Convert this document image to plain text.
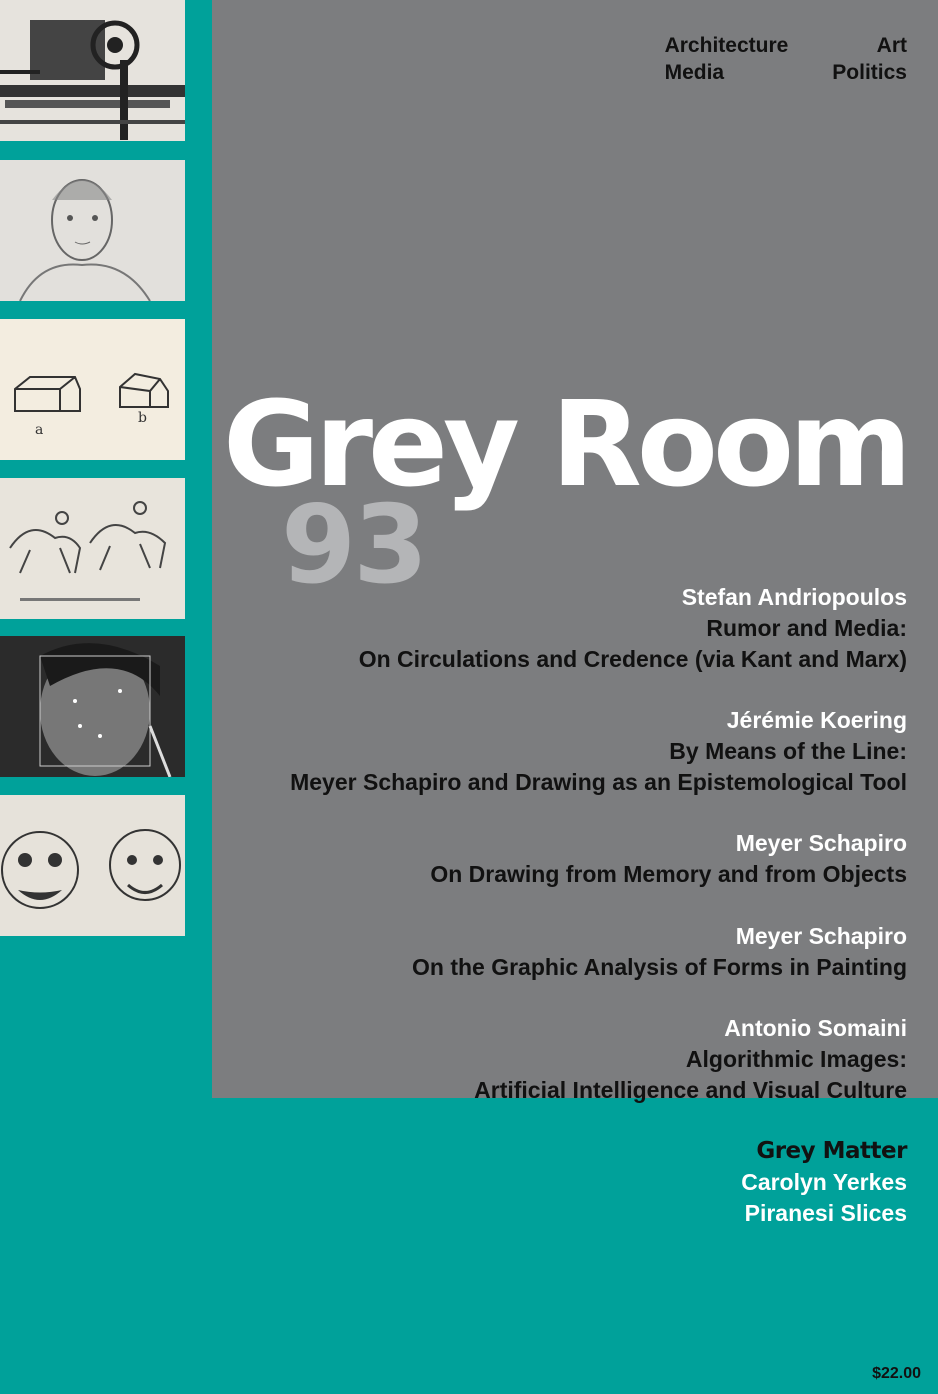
a
b
Architecture	Art
Media	Politics
Grey Room
93	Stefan Andriopoulos
Rumor and Media:
On Circulations and Credence (via Kant and Marx)
Jérémie Koering
By Means of the Line:
Meyer Schapiro and Drawing as an Epistemological Tool
Meyer Schapiro
On Drawing from Memory and from Objects
Meyer Schapiro
On the Graphic Analysis of Forms in Painting
Antonio Somaini
Algorithmic Images:
Artificial Intelligence and Visual Culture
Grey Matter
Carolyn Yerkes
Piranesi Slices
$22.00
